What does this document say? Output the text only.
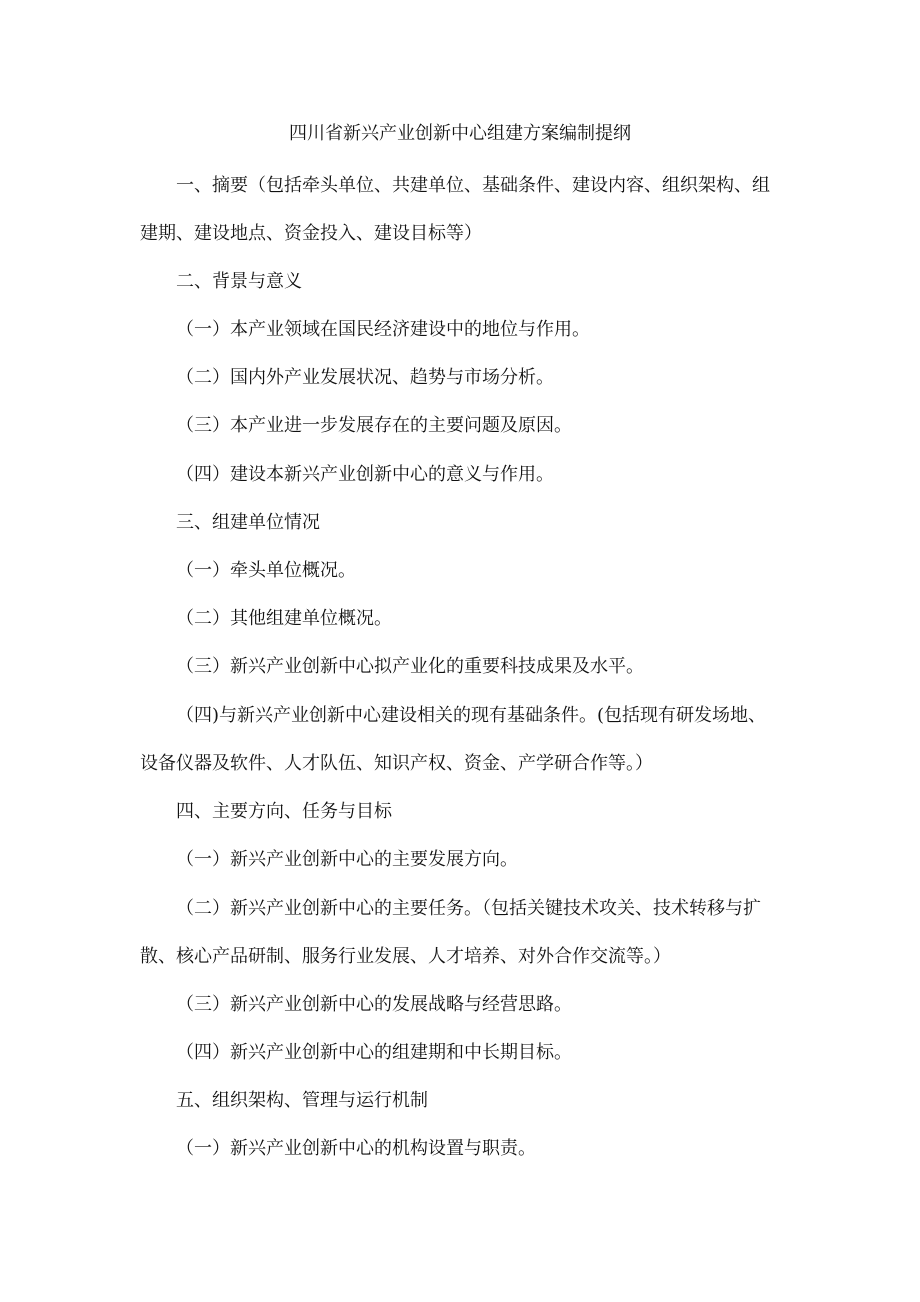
四川省新兴产业创新中心组建方案编制提纲
一、摘要（包括牵头单位、共建单位、基础条件、建设内容、组织架构、组
建期、建设地点、资金投入、建设目标等）
二、背景与意义
（一）本产业领域在国民经济建设中的地位与作用。
（二）国内外产业发展状况、趋势与市场分析。
（三）本产业进一步发展存在的主要问题及原因。
（四）建设本新兴产业创新中心的意义与作用。
三、组建单位情况
（一）牵头单位概况。
（二）其他组建单位概况。
（三）新兴产业创新中心拟产业化的重要科技成果及水平。
（四)与新兴产业创新中心建设相关的现有基础条件。(包括现有研发场地、
设备仪器及软件、人才队伍、知识产权、资金、产学研合作等。）
四、主要方向、任务与目标
（一）新兴产业创新中心的主要发展方向。
（二）新兴产业创新中心的主要任务。（包括关键技术攻关、技术转移与扩
散、核心产品研制、服务行业发展、人才培养、对外合作交流等。）
（三）新兴产业创新中心的发展战略与经营思路。
（四）新兴产业创新中心的组建期和中长期目标。
五、组织架构、管理与运行机制
（一）新兴产业创新中心的机构设置与职责。
